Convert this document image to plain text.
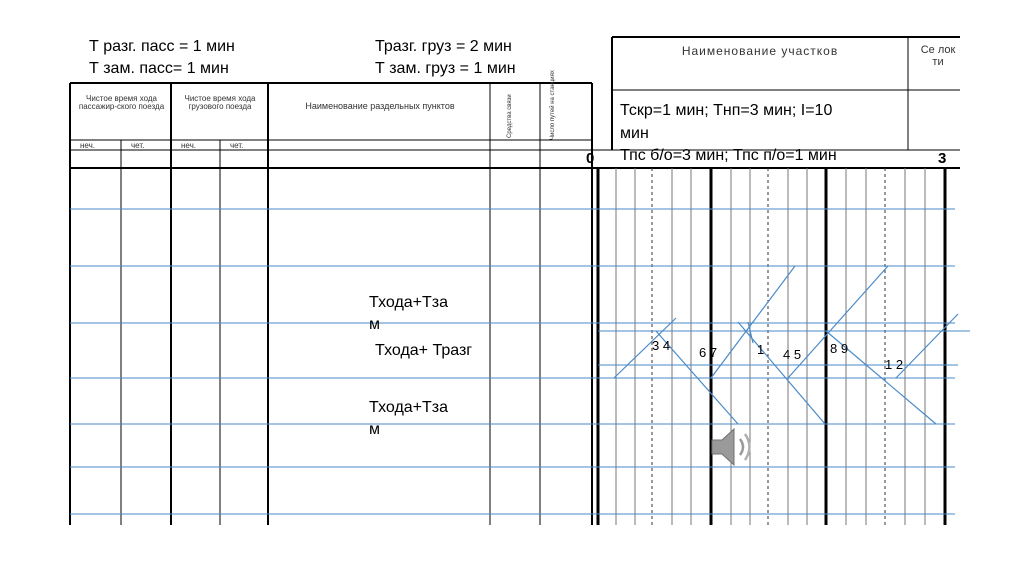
Т разг. пасс = 1 мин
Т зам. пасс= 1 мин
Тразг. груз = 2 мин
Т зам. груз = 1 мин
Чистое время хода пассажир-ского поезда
Чистое время хода грузового поезда	Наименование раздельных пунктов	Средства связи	Число путей на станциях
неч.	чет.	неч.	чет.
Наименование участков	Се лок ти
Тскр=1 мин; Тнп=3 мин; I=10
мин
Тпс б/о=3 мин; Тпс п/о=1 мин
0	3
Тхода+Тза
м
Тхода+ Тразг
Тхода+Тза
м
3 4 6 7	1 4 5 8 9
1 2
